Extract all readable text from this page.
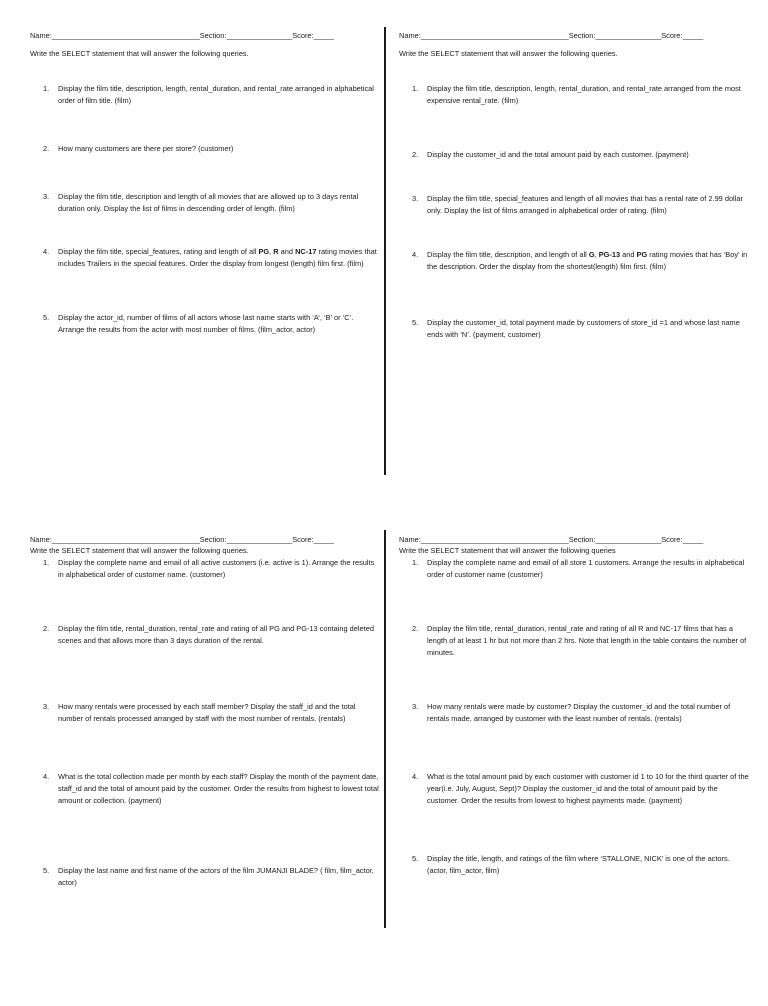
Name:____________________________________Section:________________Score:_____
Write the SELECT statement that will answer the following queries.
1. Display the film title, description, length, rental_duration, and rental_rate arranged in alphabetical order of film title. (film)
2. How many customers are there per store? (customer)
3. Display the film title, description and length of all movies that are allowed up to 3 days rental duration only. Display the list of films in descending order of length. (film)
4. Display the film title, special_features, rating and length of all PG, R and NC-17 rating movies that includes Trailers in the special features. Order the display from longest (length) film first. (film)
5. Display the actor_id, number of films of all actors whose last name starts with ‘A’, ‘B’ or ‘C’. Arrange the results from the actor with most number of films. (film_actor, actor)
Name:____________________________________Section:________________Score:_____
Write the SELECT statement that will answer the following queries.
1. Display the film title, description, length, rental_duration, and rental_rate arranged from the most expensive rental_rate. (film)
2. Display the customer_id and the total amount paid by each customer. (payment)
3. Display the film title, special_features and length of all movies that has a rental rate of 2.99 dollar only. Display the list of films arranged in alphabetical order of rating. (film)
4. Display the film title, description, and length of all G, PG-13 and PG rating movies that has ‘Boy’ in the description. Order the display from the shortest(length) film first. (film)
5. Display the customer_id, total payment made by customers of store_id =1 and whose last name ends with ‘N’. (payment, customer)
Name:____________________________________Section:________________Score:_____
Write the SELECT statement that will answer the following queries.
1. Display the complete name and email of all active customers (i.e. active is 1). Arrange the results in alphabetical order of customer name. (customer)
2. Display the film title, rental_duration, rental_rate and rating of all PG and PG-13 containg deleted scenes and that allows more than 3 days duration of the rental.
3. How many rentals were processed by each staff member? Display the staff_id and the total number of rentals processed arranged by staff with the most number of rentals. (rentals)
4. What is the total collection made per month by each staff? Display the month of the payment date, staff_id and the total of amount paid by the customer. Order the results from highest to lowest total amount or collection. (payment)
5. Display the last name and first name of the actors of the film JUMANJI BLADE? ( film, film_actor, actor)
Name:____________________________________Section:________________Score:_____
Write the SELECT statement that will answer the following queries
1. Display the complete name and email of all store 1 customers. Arrange the results in alphabetical order of customer name (customer)
2. Display the film title, rental_duration, rental_rate and rating of all R and NC-17 films that has a length of at least 1 hr but not more than 2 hrs. Note that length in the table contains the number of minutes.
3. How many rentals were made by customer? Display the customer_id and the total number of rentals made, arranged by customer with the least number of rentals. (rentals)
4. What is the total amount paid by each customer with customer id 1 to 10 for the third quarter of the year(i.e. July, August, Sept)? Display the customer_id and the total of amount paid by the customer. Order the results from lowest to highest payments made. (payment)
5. Display the title, length, and ratings of the film where ‘STALLONE, NICK’ is one of the actors. (actor, film_actor, film)
